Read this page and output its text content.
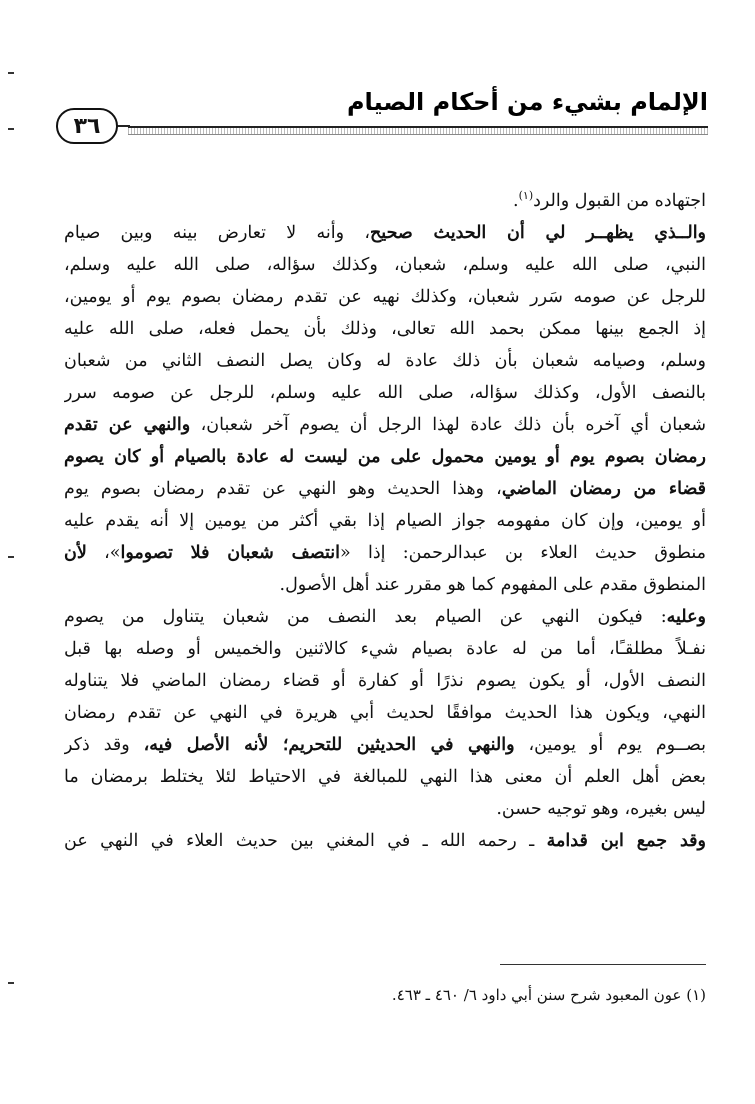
الإلمام بشيء من أحكام الصيام
٣٦
اجتهاده من القبول والرد$^{(١)}$.
والــذي يظهــر لي أن الحديث صحيح، وأنه لا تعارض بينه وبين صيام
النبي، صلى الله عليه وسلم، شعبان، وكذلك سؤاله، صلى الله عليه وسلم،
للرجل عن صومه سَرر شعبان، وكذلك نهيه عن تقدم رمضان بصوم يوم أو يومين،
إذ الجمع بينها ممكن بحمد الله تعالى، وذلك بأن يحمل فعله، صلى الله عليه
وسلم، وصيامه شعبان بأن ذلك عادة له وكان يصل النصف الثاني من شعبان
بالنصف الأول، وكذلك سؤاله، صلى الله عليه وسلم، للرجل عن صومه سرر
شعبان أي آخره بأن ذلك عادة لهذا الرجل أن يصوم آخر شعبان، والنهي عن تقدم
رمضان بصوم يوم أو يومين محمول على من ليست له عادة بالصيام أو كان يصوم
قضاء من رمضان الماضي، وهذا الحديث وهو النهي عن تقدم رمضان بصوم يوم
أو يومين، وإن كان مفهومه جواز الصيام إذا بقي أكثر من يومين إلا أنه يقدم عليه
منطوق حديث العلاء بن عبدالرحمن: إذا «انتصف شعبان فلا تصوموا»، لأن
المنطوق مقدم على المفهوم كما هو مقرر عند أهل الأصول.
وعليه: فيكون النهي عن الصيام بعد النصف من شعبان يتناول من يصوم
نفـلاً مطلقـًا، أما من له عادة بصيام شيء كالاثنين والخميس أو وصله بها قبل
النصف الأول، أو يكون يصوم نذرًا أو كفارة أو قضاء رمضان الماضي فلا يتناوله
النهي، ويكون هذا الحديث موافقًا لحديث أبي هريرة في النهي عن تقدم رمضان
بصــوم يوم أو يومين، والنهي في الحديثين للتحريم؛ لأنه الأصل فيه، وقد ذكر
بعض أهل العلم أن معنى هذا النهي للمبالغة في الاحتياط لئلا يختلط برمضان ما
ليس بغيره، وهو توجيه حسن.
وقد جمع ابن قدامة ـ رحمه الله ـ في المغني بين حديث العلاء في النهي عن
(١) عون المعبود شرح سنن أبي داود ٦/ ٤٦٠ ـ ٤٦٣.
